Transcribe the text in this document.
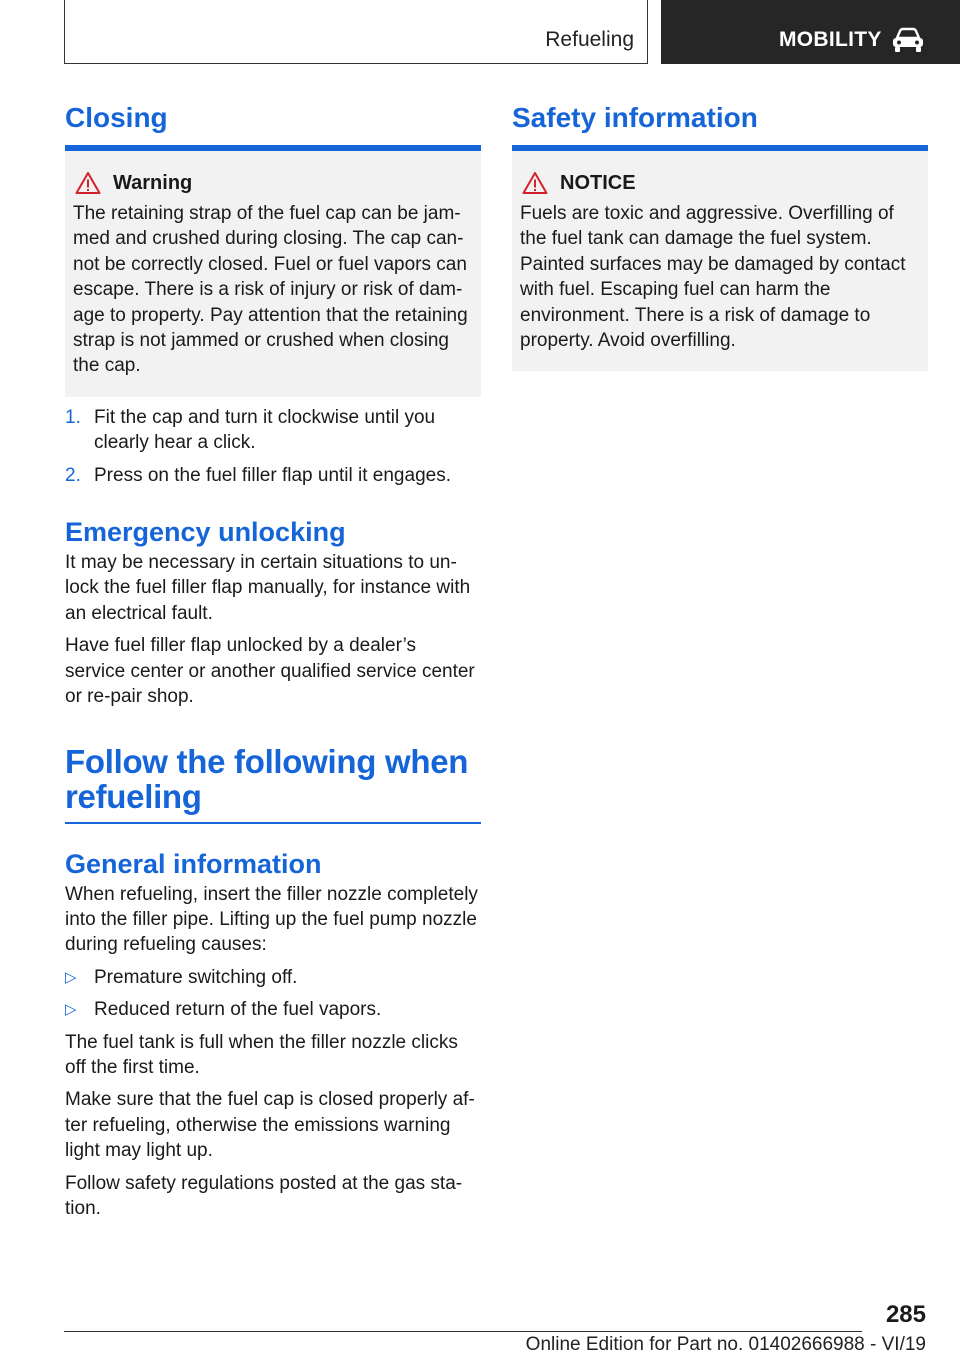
Refueling	MOBILITY
Closing
Warning

The retaining strap of the fuel cap can be jam-med and crushed during closing. The cap can-not be correctly closed. Fuel or fuel vapors can escape. There is a risk of injury or risk of dam-age to property. Pay attention that the retaining strap is not jammed or crushed when closing the cap.

1. Fit the cap and turn it clockwise until you clearly hear a click.
2. Press on the fuel filler flap until it engages.
Emergency unlocking

It may be necessary in certain situations to un-lock the fuel filler flap manually, for instance with an electrical fault.

Have fuel filler flap unlocked by a dealer’s service center or another qualified service center or re-pair shop.

Follow the following when refueling
General information

When refueling, insert the filler nozzle completely into the filler pipe. Lifting up the fuel pump nozzle during refueling causes:

▷ Premature switching off.
▷ Reduced return of the fuel vapors.

The fuel tank is full when the filler nozzle clicks off the first time.

Make sure that the fuel cap is closed properly af-ter refueling, otherwise the emissions warning light may light up.

Follow safety regulations posted at the gas sta-tion.

Safety information
NOTICE

Fuels are toxic and aggressive. Overfilling of the fuel tank can damage the fuel system. Painted surfaces may be damaged by contact with fuel. Escaping fuel can harm the environment. There is a risk of damage to property. Avoid overfilling.

285
Online Edition for Part no. 01402666988 - VI/19
